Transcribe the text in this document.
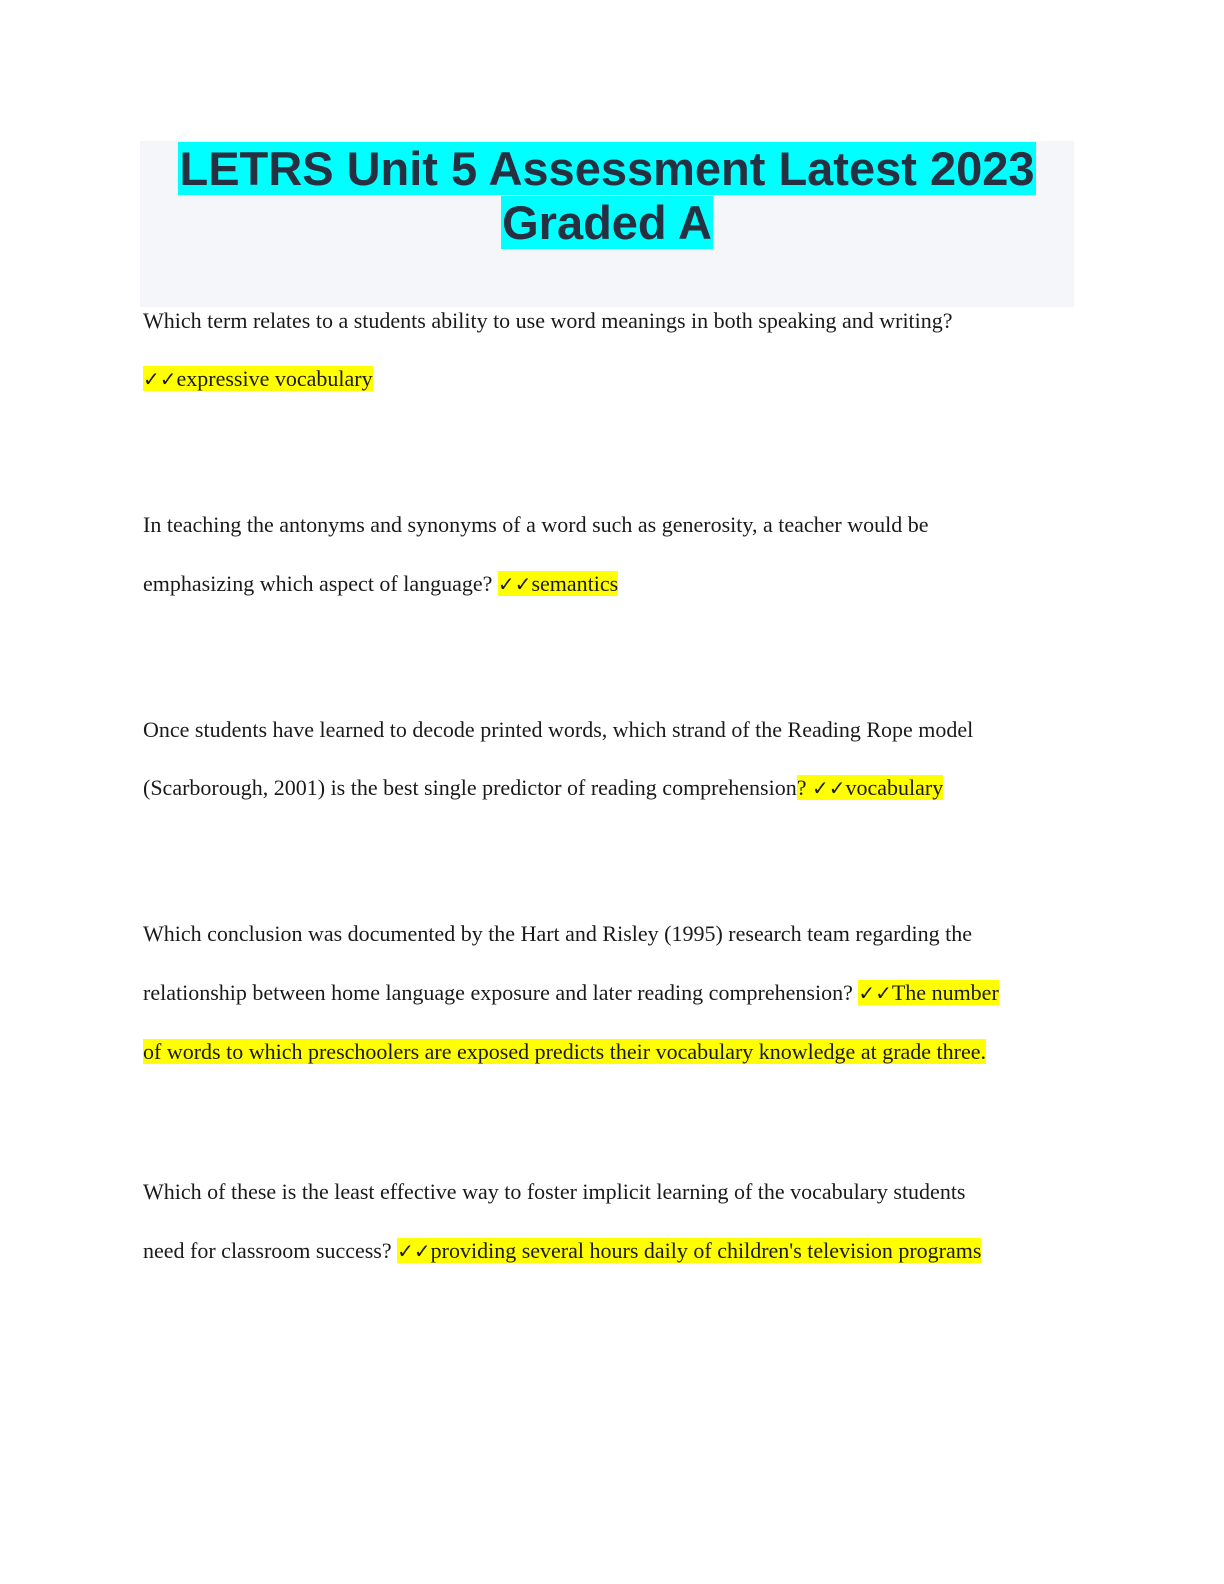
LETRS Unit 5 Assessment Latest 2023
Graded A

Which term relates to a students ability to use word meanings in both speaking and writing?

✓✓expressive vocabulary

In teaching the antonyms and synonyms of a word such as generosity, a teacher would be

emphasizing which aspect of language? ✓✓semantics

Once students have learned to decode printed words, which strand of the Reading Rope model

(Scarborough, 2001) is the best single predictor of reading comprehension? ✓✓vocabulary

Which conclusion was documented by the Hart and Risley (1995) research team regarding the

relationship between home language exposure and later reading comprehension? ✓✓The number

of words to which preschoolers are exposed predicts their vocabulary knowledge at grade three.

Which of these is the least effective way to foster implicit learning of the vocabulary students

need for classroom success? ✓✓providing several hours daily of children's television programs
